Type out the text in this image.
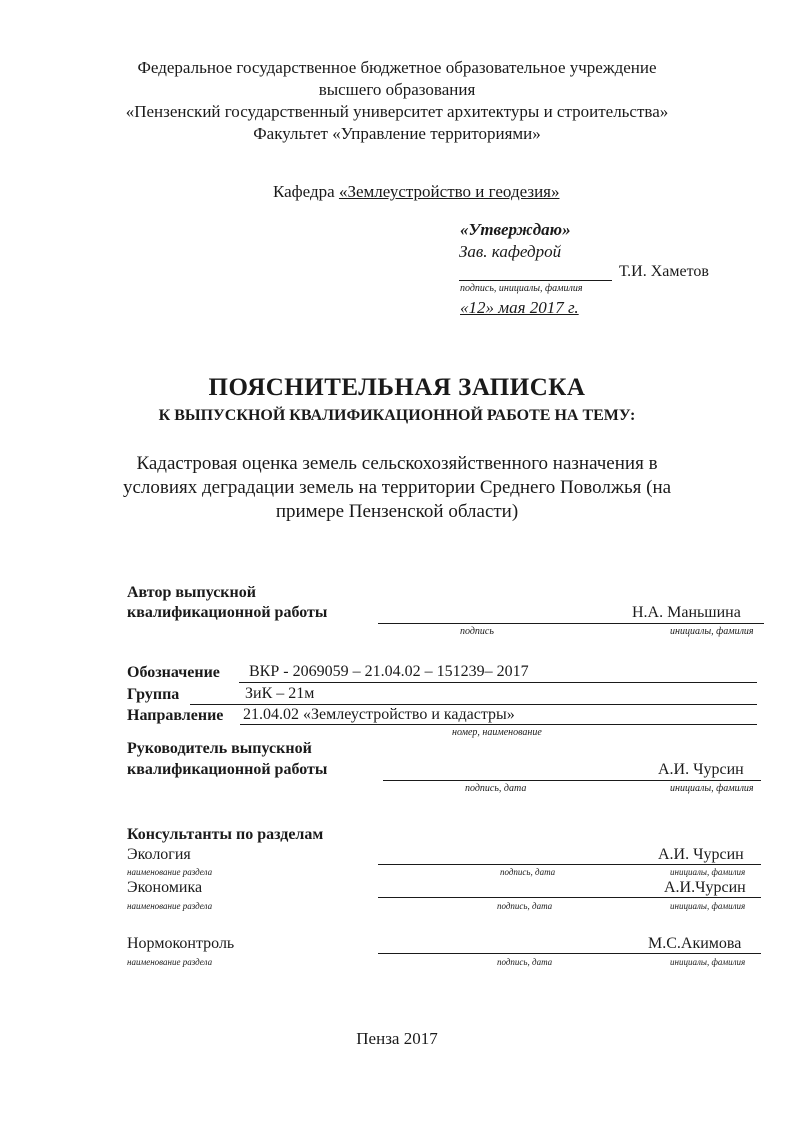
Федеральное государственное бюджетное образовательное учреждение
высшего образования
«Пензенский государственный университет архитектуры и строительства»
Факультет «Управление территориями»
Кафедра «Землеустройство и геодезия»
«Утверждаю»
Зав. кафедрой
Т.И. Хаметов
подпись, инициалы, фамилия
«12» мая 2017 г.
ПОЯСНИТЕЛЬНАЯ ЗАПИСКА
К ВЫПУСКНОЙ КВАЛИФИКАЦИОННОЙ РАБОТЕ НА ТЕМУ:
Кадастровая оценка земель сельскохозяйственного назначения в
условиях деградации земель на территории Среднего Поволжья (на
примере Пензенской области)
Автор выпускной
квалификационной работы	Н.А. Маньшина
подпись	инициалы, фамилия
Обозначение ВКР - 2069059 – 21.04.02 – 151239– 2017
Группа	ЗиК – 21м
Направление 21.04.02 «Землеустройство и кадастры»
номер, наименование
Руководитель выпускной
квалификационной работы	А.И. Чурсин
подпись, дата	инициалы, фамилия
Консультанты по разделам
Экология	А.И. Чурсин
наименование раздела	подпись, дата	инициалы, фамилия
Экономика	А.И.Чурсин
наименование раздела	подпись, дата	инициалы, фамилия
Нормоконтроль	М.С.Акимова
наименование раздела	подпись, дата	инициалы, фамилия
Пенза 2017
